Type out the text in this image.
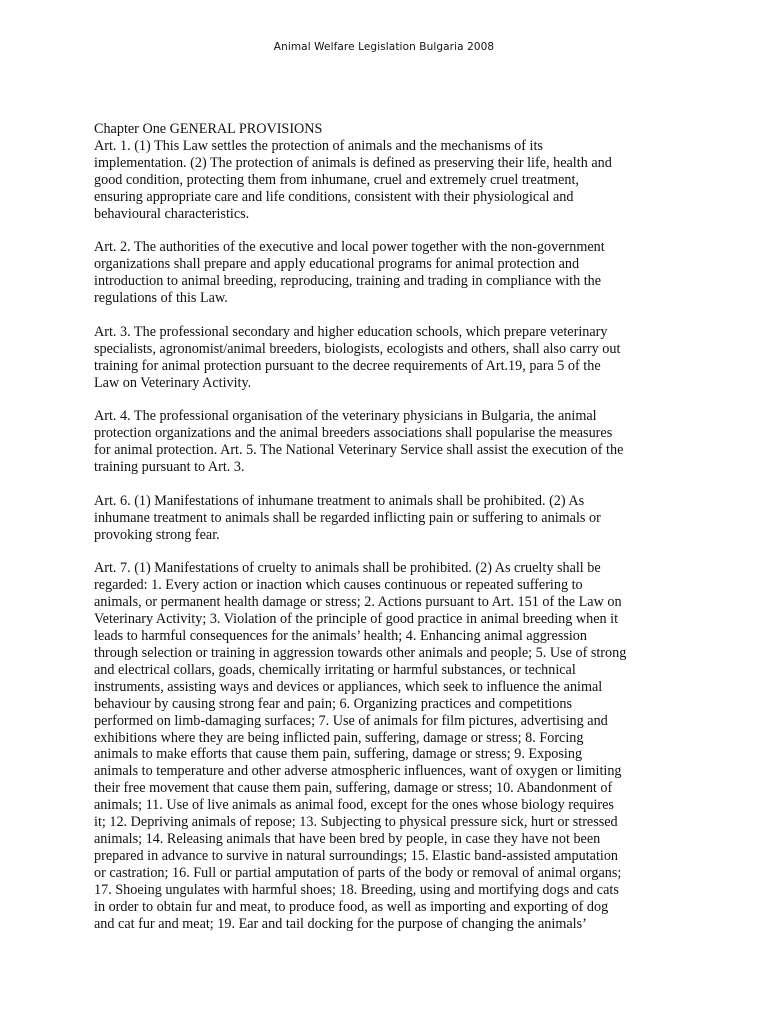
Animal Welfare Legislation Bulgaria 2008
Chapter One GENERAL PROVISIONS
Art. 1. (1) This Law settles the protection of animals and the mechanisms of its
implementation. (2) The protection of animals is defined as preserving their life, health and
good condition, protecting them from inhumane, cruel and extremely cruel treatment,
ensuring appropriate care and life conditions, consistent with their physiological and
behavioural characteristics.
Art. 2. The authorities of the executive and local power together with the non-government
organizations shall prepare and apply educational programs for animal protection and
introduction to animal breeding, reproducing, training and trading in compliance with the
regulations of this Law.
Art. 3. The professional secondary and higher education schools, which prepare veterinary
specialists, agronomist/animal breeders, biologists, ecologists and others, shall also carry out
training for animal protection pursuant to the decree requirements of Art.19, para 5 of the
Law on Veterinary Activity.
Art. 4. The professional organisation of the veterinary physicians in Bulgaria, the animal
protection organizations and the animal breeders associations shall popularise the measures
for animal protection. Art. 5. The National Veterinary Service shall assist the execution of the
training pursuant to Art. 3.
Art. 6. (1) Manifestations of inhumane treatment to animals shall be prohibited. (2) As
inhumane treatment to animals shall be regarded inflicting pain or suffering to animals or
provoking strong fear.
Art. 7. (1) Manifestations of cruelty to animals shall be prohibited. (2) As cruelty shall be
regarded: 1. Every action or inaction which causes continuous or repeated suffering to
animals, or permanent health damage or stress; 2. Actions pursuant to Art. 151 of the Law on
Veterinary Activity; 3. Violation of the principle of good practice in animal breeding when it
leads to harmful consequences for the animals’ health; 4. Enhancing animal aggression
through selection or training in aggression towards other animals and people; 5. Use of strong
and electrical collars, goads, chemically irritating or harmful substances, or technical
instruments, assisting ways and devices or appliances, which seek to influence the animal
behaviour by causing strong fear and pain; 6. Organizing practices and competitions
performed on limb-damaging surfaces; 7. Use of animals for film pictures, advertising and
exhibitions where they are being inflicted pain, suffering, damage or stress; 8. Forcing
animals to make efforts that cause them pain, suffering, damage or stress; 9. Exposing
animals to temperature and other adverse atmospheric influences, want of oxygen or limiting
their free movement that cause them pain, suffering, damage or stress; 10. Abandonment of
animals; 11. Use of live animals as animal food, except for the ones whose biology requires
it; 12. Depriving animals of repose; 13. Subjecting to physical pressure sick, hurt or stressed
animals; 14. Releasing animals that have been bred by people, in case they have not been
prepared in advance to survive in natural surroundings; 15. Elastic band-assisted amputation
or castration; 16. Full or partial amputation of parts of the body or removal of animal organs;
17. Shoeing ungulates with harmful shoes; 18. Breeding, using and mortifying dogs and cats
in order to obtain fur and meat, to produce food, as well as importing and exporting of dog
and cat fur and meat; 19. Ear and tail docking for the purpose of changing the animals’
